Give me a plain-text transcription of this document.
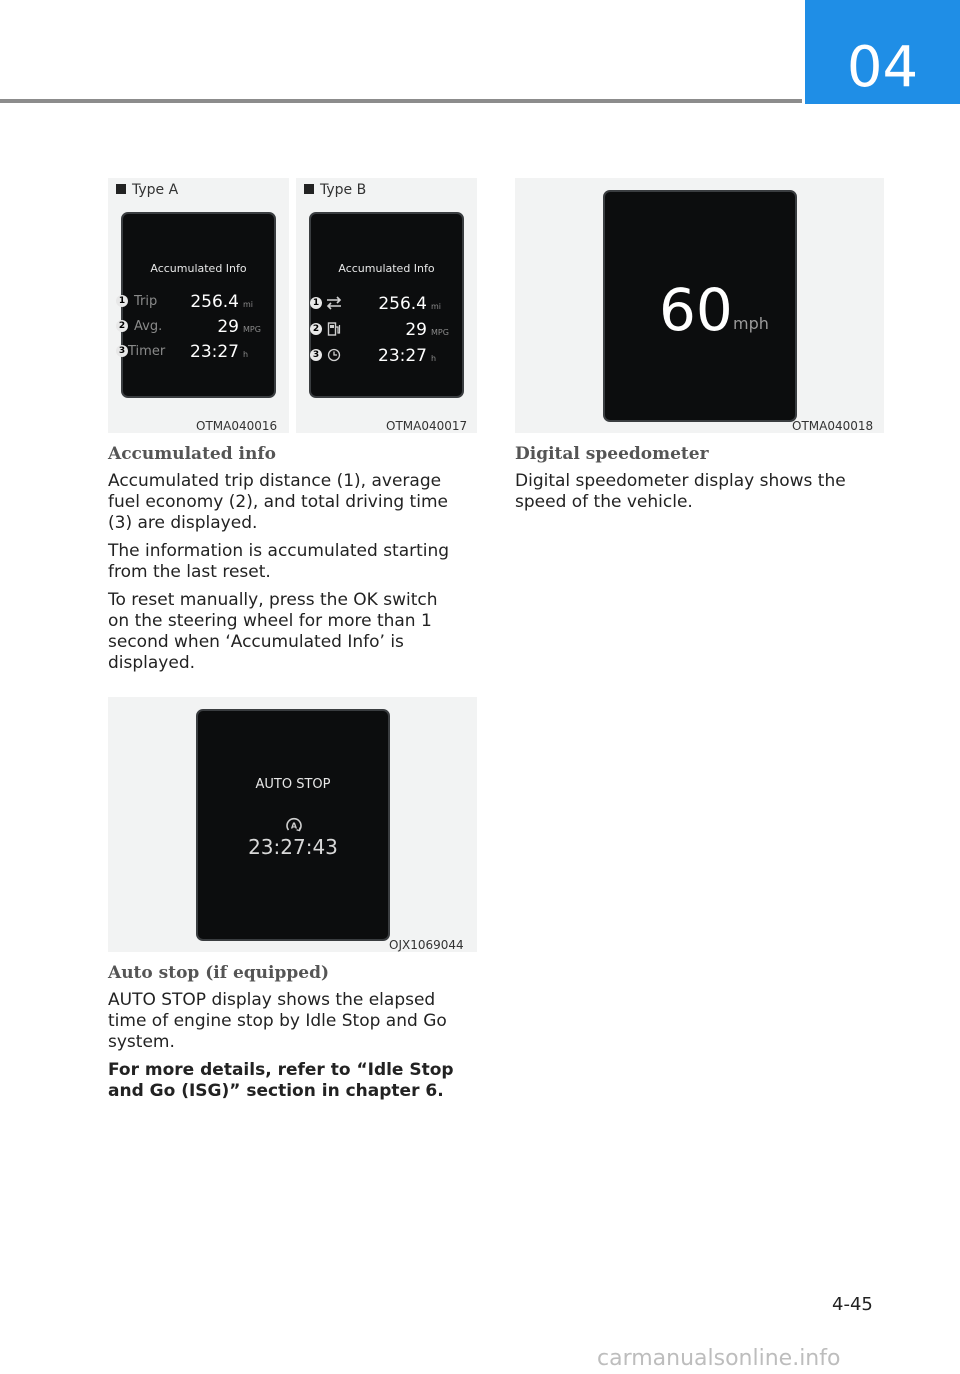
04
Type A
Accumulated Info
1 Trip	256.4 mi
2 Avg.	29 MPG
3 Timer	23:27 h
OTMA040016
Type B
Accumulated Info
1	256.4 mi
2	29 MPG
3	23:27 h
OTMA040017
60 mph
OTMA040018
AUTO STOP
A
23:27:43
OJX1069044
Accumulated info

Accumulated trip distance (1), average fuel economy (2), and total driving time (3) are displayed.

The information is accumulated starting from the last reset.

To reset manually, press the OK switch on the steering wheel for more than 1 second when ‘Accumulated Info’ is displayed.

Auto stop (if equipped)

AUTO STOP display shows the elapsed time of engine stop by Idle Stop and Go system.

For more details, refer to “Idle Stop and Go (ISG)” section in chapter 6.

Digital speedometer

Digital speedometer display shows the speed of the vehicle.

4-45
carmanualsonline.info
